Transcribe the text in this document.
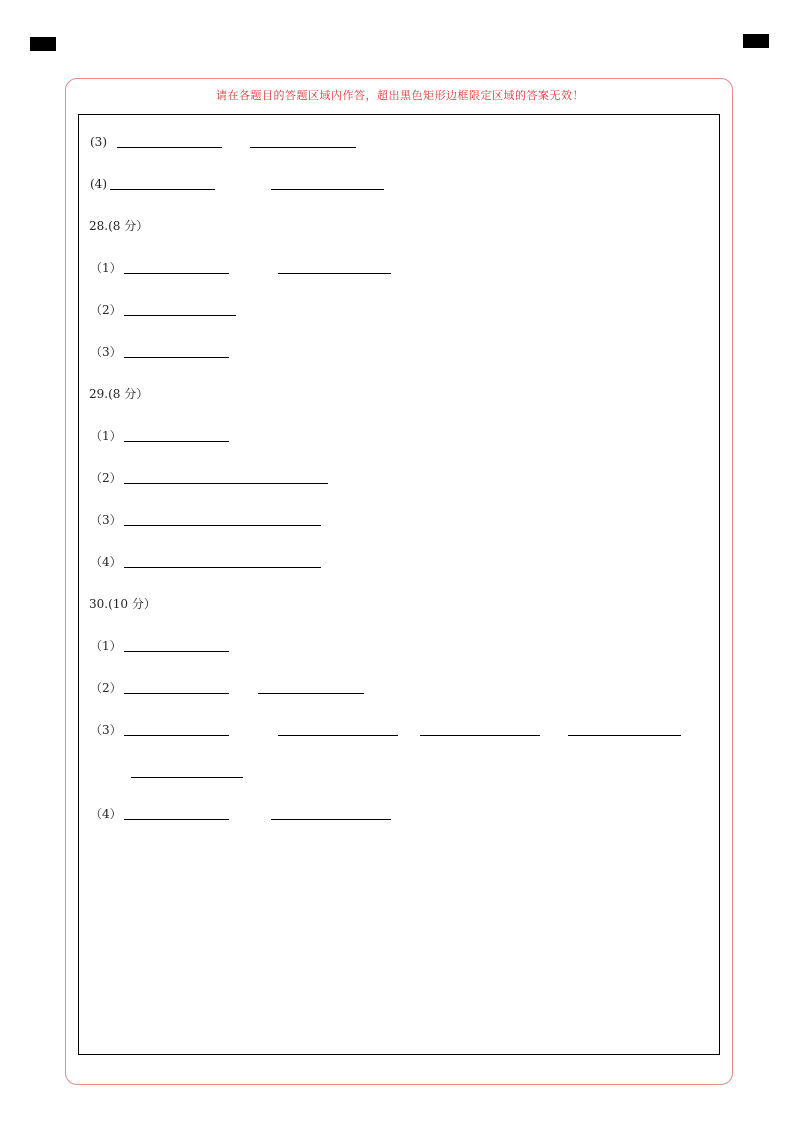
请在各题目的答题区域内作答，超出黑色矩形边框限定区域的答案无效！
(3)
(4)
28.(8 分）
（1）
（2）
（3）
29.(8 分）
（1）
（2）
（3）
（4）
30.(10 分）
（1）
（2）
（3）
（4）
